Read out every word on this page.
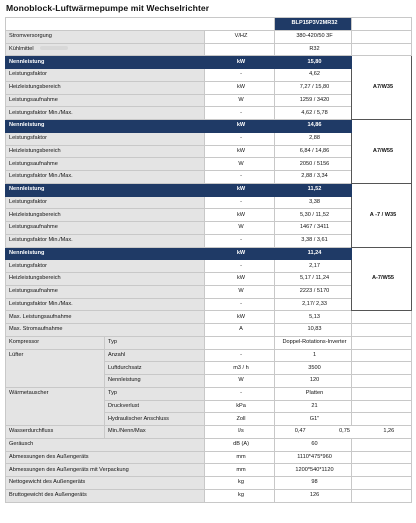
Monoblock-Luftwärmepumpe mit Wechselrichter
			BLP15P3V2MR32	
Stromversorgung		V/HZ	380-420/50 3F	
Kühlmittel			R32	
Nennleistung		kW	15,80	A7/W35
Leistungsfaktor		-	4,62	
Heizleistungsbereich		kW	7,27 / 15,80	
Leistungsaufnahme		W	1259 / 3420	
Leistungsfaktor Min./Max.		-	4,62 / 5,78	
Nennleistung		kW	14,86	A7/W55
Leistungsfaktor		-	2,88	
Heizleistungsbereich		kW	6,84 / 14,86	
Leistungsaufnahme		W	2050 / 5156	
Leistungsfaktor Min./Max.		-	2,88 / 3,34	
Nennleistung		kW	11,52	A -7 / W35
Leistungsfaktor		-	3,38	
Heizleistungsbereich		kW	5,30 / 11,52	
Leistungsaufnahme		W	1467 / 3411	
Leistungsfaktor Min./Max.		-	3,38 / 3,61	
Nennleistung		kW	11,24	A-7/W55
Leistungsfaktor		-	2,17	
Heizleistungsbereich		kW	5,17 / 11,24	
Leistungsaufnahme		W	2223 / 5170	
Leistungsfaktor Min./Max.		-	2,17/ 2,33	
Max. Leistungsaufnahme		kW	5,13	
Max. Stromaufnahme		A	10,83	
Kompressor	Typ		Doppel-Rotations-Inverter	
Lüfter	Anzahl	-	1	
	Luftdurchsatz	m3 / h	3500	
	Nennleistung	W	120	
Wärmetauscher	Typ	-	Platten	
	Druckverlust	kPa	21	
	Hydraulischer Anschluss	Zoll	G1"	
Wasserdurchfluss	Min./Nenn/Max	l/s	0,47 0,75 1,26	

Geräusch		dB (A)	60	
Abmessungen des Außengeräts		mm	1110*475*960	
Abmessungen des Außengeräts mit Verpackung		mm	1200*540*1120	
Nettogewicht des Außengeräts		kg	98	
Bruttogewicht des Außengeräts		kg	126	
